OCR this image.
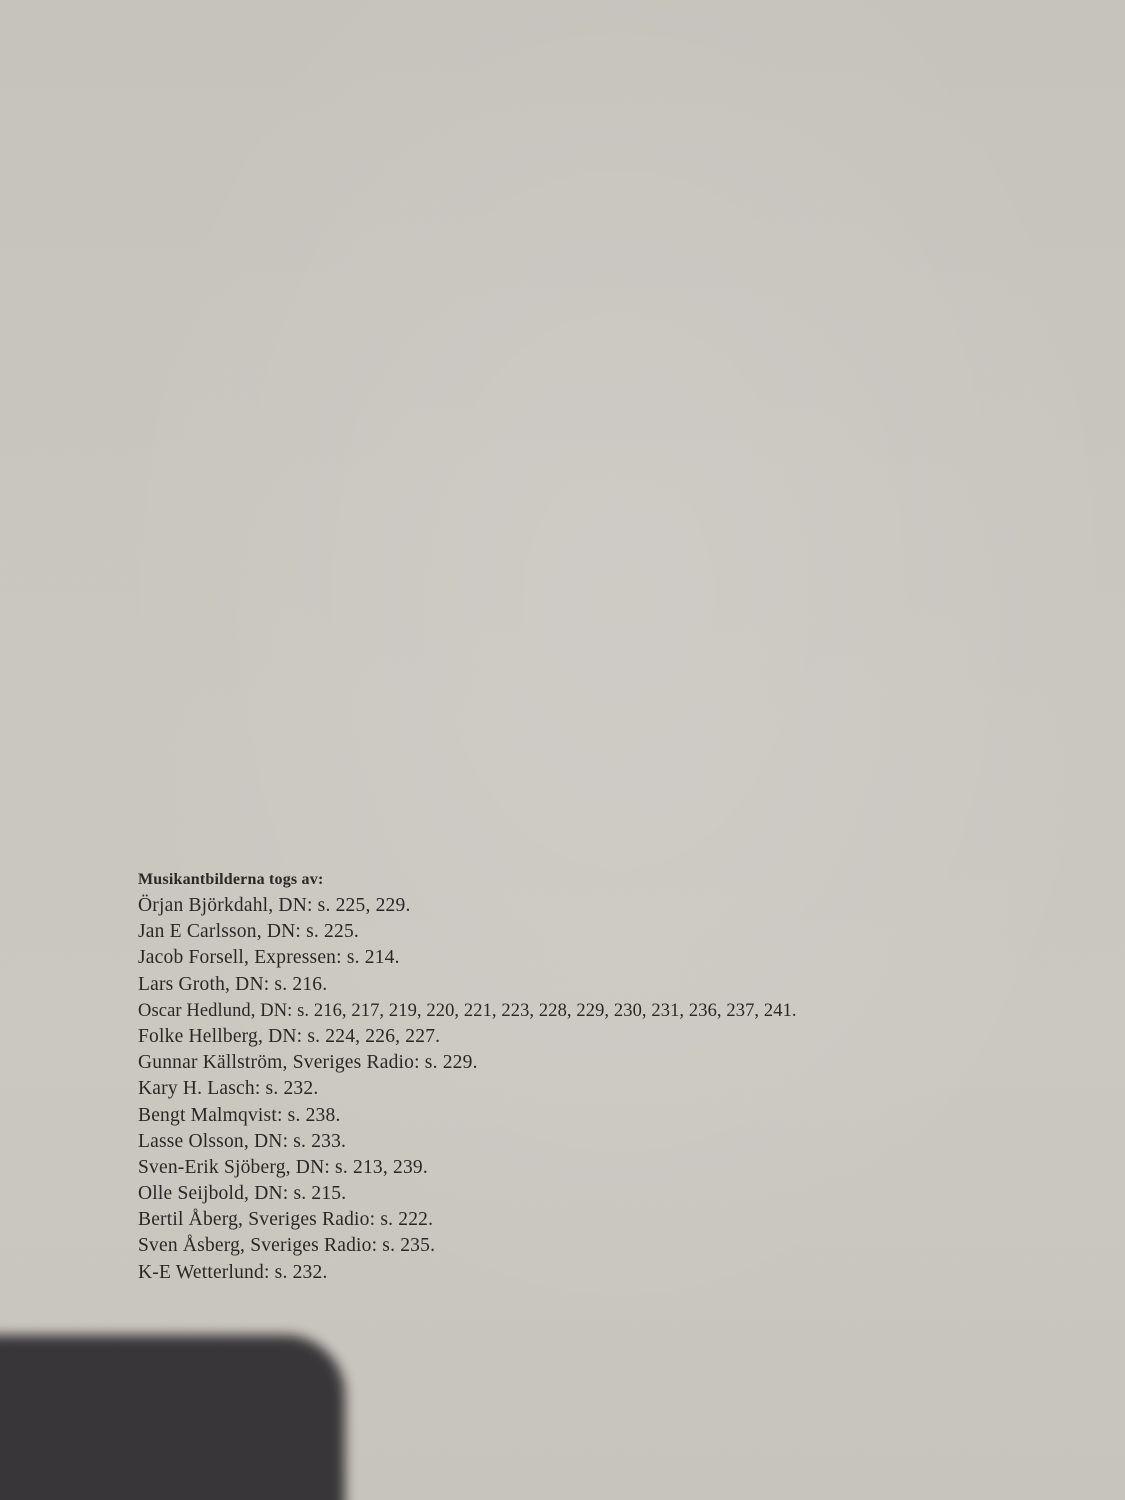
Musikantbilderna togs av:
Örjan Björkdahl, DN: s. 225, 229.
Jan E Carlsson, DN: s. 225.
Jacob Forsell, Expressen: s. 214.
Lars Groth, DN: s. 216.
Oscar Hedlund, DN: s. 216, 217, 219, 220, 221, 223, 228, 229, 230, 231, 236, 237, 241.
Folke Hellberg, DN: s. 224, 226, 227.
Gunnar Källström, Sveriges Radio: s. 229.
Kary H. Lasch: s. 232.
Bengt Malmqvist: s. 238.
Lasse Olsson, DN: s. 233.
Sven-Erik Sjöberg, DN: s. 213, 239.
Olle Seijbold, DN: s. 215.
Bertil Åberg, Sveriges Radio: s. 222.
Sven Åsberg, Sveriges Radio: s. 235.
K-E Wetterlund: s. 232.
